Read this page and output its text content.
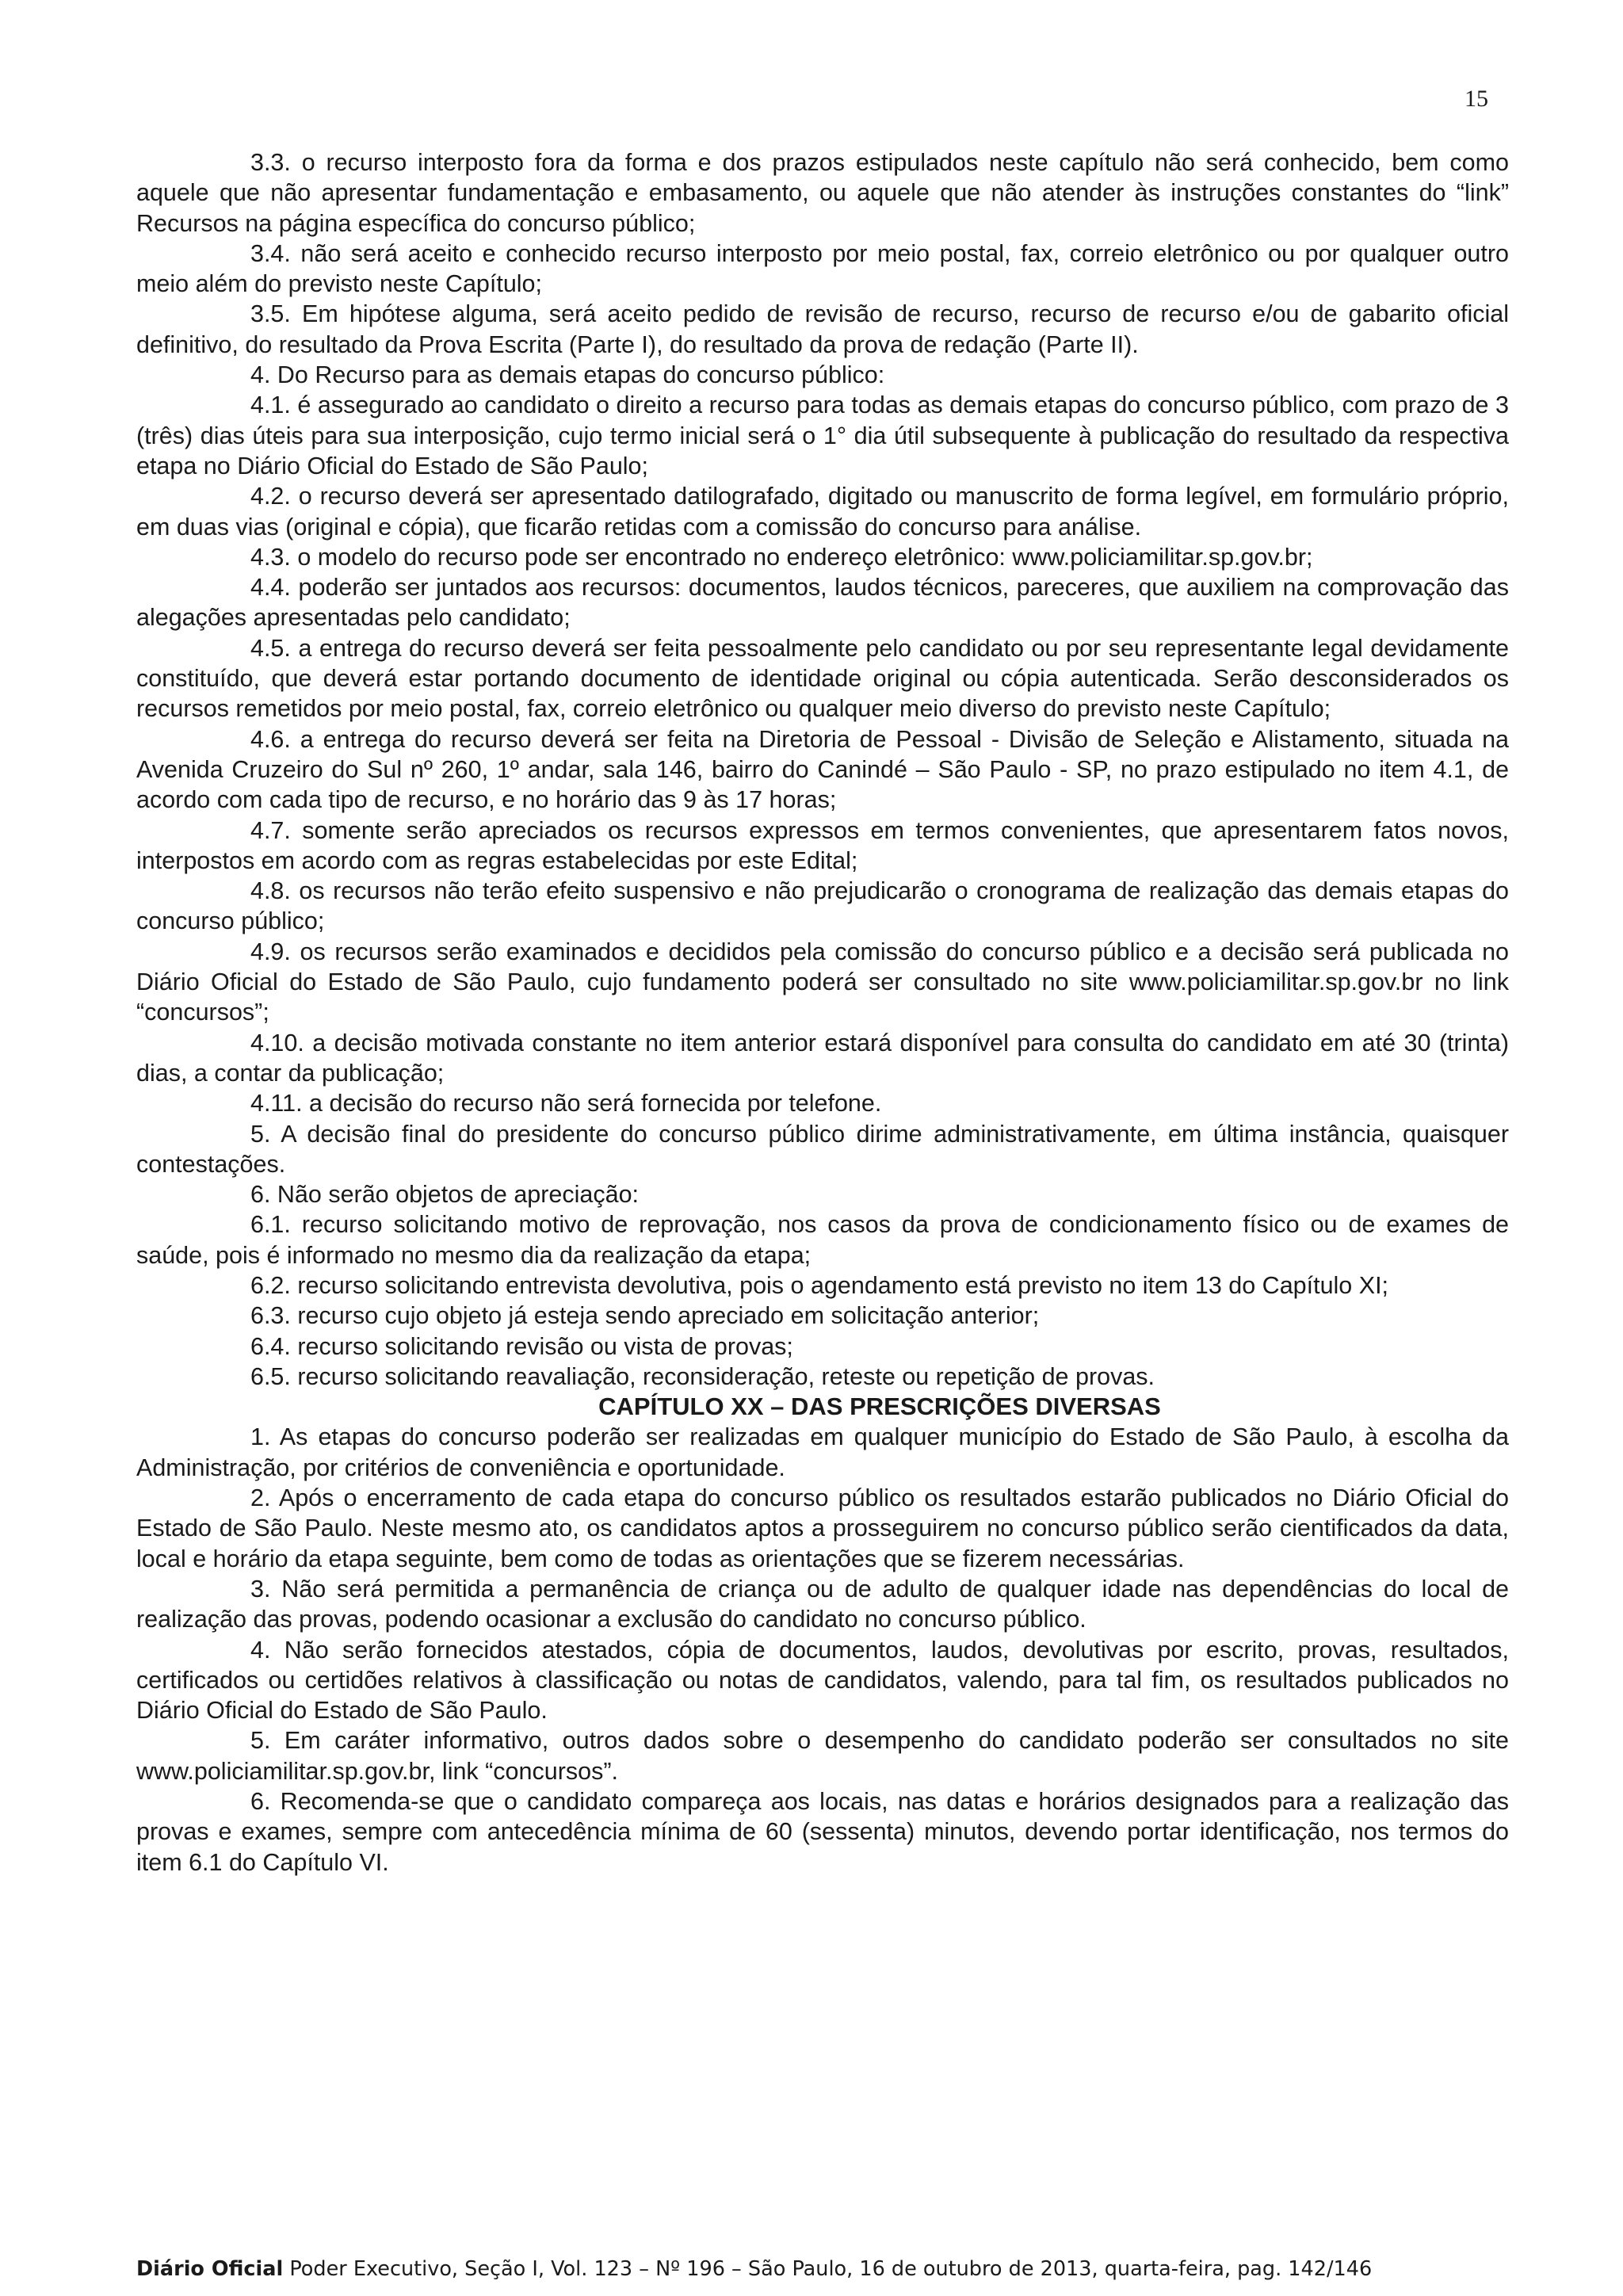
15

3.3. o recurso interposto fora da forma e dos prazos estipulados neste capítulo não será conhecido, bem como aquele que não apresentar fundamentação e embasamento, ou aquele que não atender às instruções constantes do “link” Recursos na página específica do concurso público;

3.4. não será aceito e conhecido recurso interposto por meio postal, fax, correio eletrônico ou por qualquer outro meio além do previsto neste Capítulo;

3.5. Em hipótese alguma, será aceito pedido de revisão de recurso, recurso de recurso e/ou de gabarito oficial definitivo, do resultado da Prova Escrita (Parte I), do resultado da prova de redação (Parte II).

4. Do Recurso para as demais etapas do concurso público:

4.1. é assegurado ao candidato o direito a recurso para todas as demais etapas do concurso público, com prazo de 3 (três) dias úteis para sua interposição, cujo termo inicial será o 1° dia útil subsequente à publicação do resultado da respectiva etapa no Diário Oficial do Estado de São Paulo;

4.2. o recurso deverá ser apresentado datilografado, digitado ou manuscrito de forma legível, em formulário próprio, em duas vias (original e cópia), que ficarão retidas com a comissão do concurso para análise.

4.3. o modelo do recurso pode ser encontrado no endereço eletrônico: www.policiamilitar.sp.gov.br;

4.4. poderão ser juntados aos recursos: documentos, laudos técnicos, pareceres, que auxiliem na comprovação das alegações apresentadas pelo candidato;

4.5. a entrega do recurso deverá ser feita pessoalmente pelo candidato ou por seu representante legal devidamente constituído, que deverá estar portando documento de identidade original ou cópia autenticada. Serão desconsiderados os recursos remetidos por meio postal, fax, correio eletrônico ou qualquer meio diverso do previsto neste Capítulo;

4.6. a entrega do recurso deverá ser feita na Diretoria de Pessoal - Divisão de Seleção e Alistamento, situada na Avenida Cruzeiro do Sul nº 260, 1º andar, sala 146, bairro do Canindé – São Paulo - SP, no prazo estipulado no item 4.1, de acordo com cada tipo de recurso, e no horário das 9 às 17 horas;

4.7. somente serão apreciados os recursos expressos em termos convenientes, que apresentarem fatos novos, interpostos em acordo com as regras estabelecidas por este Edital;

4.8. os recursos não terão efeito suspensivo e não prejudicarão o cronograma de realização das demais etapas do concurso público;

4.9. os recursos serão examinados e decididos pela comissão do concurso público e a decisão será publicada no Diário Oficial do Estado de São Paulo, cujo fundamento poderá ser consultado no site www.policiamilitar.sp.gov.br no link “concursos”;

4.10. a decisão motivada constante no item anterior estará disponível para consulta do candidato em até 30 (trinta) dias, a contar da publicação;

4.11. a decisão do recurso não será fornecida por telefone.

5. A decisão final do presidente do concurso público dirime administrativamente, em última instância, quaisquer contestações.

6. Não serão objetos de apreciação:

6.1. recurso solicitando motivo de reprovação, nos casos da prova de condicionamento físico ou de exames de saúde, pois é informado no mesmo dia da realização da etapa;

6.2. recurso solicitando entrevista devolutiva, pois o agendamento está previsto no item 13 do Capítulo XI;

6.3. recurso cujo objeto já esteja sendo apreciado em solicitação anterior;

6.4. recurso solicitando revisão ou vista de provas;

6.5. recurso solicitando reavaliação, reconsideração, reteste ou repetição de provas.

CAPÍTULO XX – DAS PRESCRIÇÕES DIVERSAS

1. As etapas do concurso poderão ser realizadas em qualquer município do Estado de São Paulo, à escolha da Administração, por critérios de conveniência e oportunidade.

2. Após o encerramento de cada etapa do concurso público os resultados estarão publicados no Diário Oficial do Estado de São Paulo. Neste mesmo ato, os candidatos aptos a prosseguirem no concurso público serão cientificados da data, local e horário da etapa seguinte, bem como de todas as orientações que se fizerem necessárias.

3. Não será permitida a permanência de criança ou de adulto de qualquer idade nas dependências do local de realização das provas, podendo ocasionar a exclusão do candidato no concurso público.

4. Não serão fornecidos atestados, cópia de documentos, laudos, devolutivas por escrito, provas, resultados, certificados ou certidões relativos à classificação ou notas de candidatos, valendo, para tal fim, os resultados publicados no Diário Oficial do Estado de São Paulo.

5. Em caráter informativo, outros dados sobre o desempenho do candidato poderão ser consultados no site www.policiamilitar.sp.gov.br, link “concursos”.

6. Recomenda-se que o candidato compareça aos locais, nas datas e horários designados para a realização das provas e exames, sempre com antecedência mínima de 60 (sessenta) minutos, devendo portar identificação, nos termos do item 6.1 do Capítulo VI.

Diário Oficial Poder Executivo, Seção I, Vol. 123 – Nº 196 – São Paulo, 16 de outubro de 2013, quarta-feira, pag. 142/146
